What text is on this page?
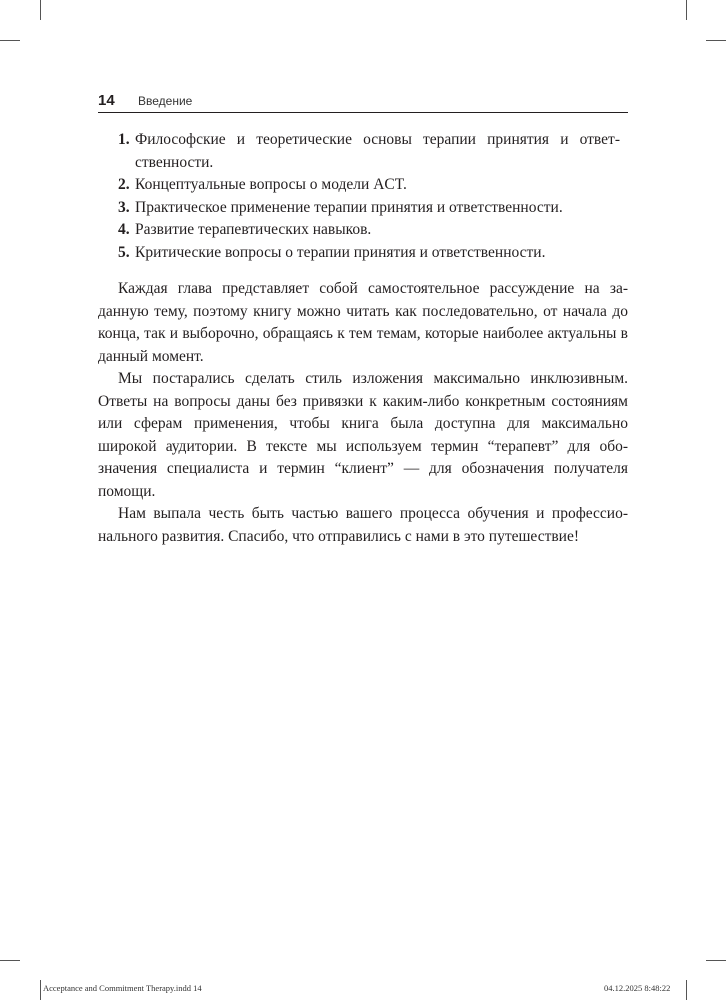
14 Введение
1. Философские и теоретические основы терапии принятия и ответственности.
2. Концептуальные вопросы о модели ACT.
3. Практическое применение терапии принятия и ответственности.
4. Развитие терапевтических навыков.
5. Критические вопросы о терапии принятия и ответственности.

Каждая глава представляет собой самостоятельное рассуждение на заданную тему, поэтому книгу можно читать как последовательно, от начала до конца, так и выборочно, обращаясь к тем темам, которые наиболее актуальны в данный момент.

Мы постарались сделать стиль изложения максимально инклюзивным. Ответы на вопросы даны без привязки к каким-либо конкретным состояниям или сферам применения, чтобы книга была доступна для максимально широкой аудитории. В тексте мы используем термин “терапевт” для обозначения специалиста и термин “клиент” — для обозначения получателя помощи.

Нам выпала честь быть частью вашего процесса обучения и профессионального развития. Спасибо, что отправились с нами в это путешествие!

Acceptance and Commitment Therapy.indd 14	04.12.2025 8:48:22
